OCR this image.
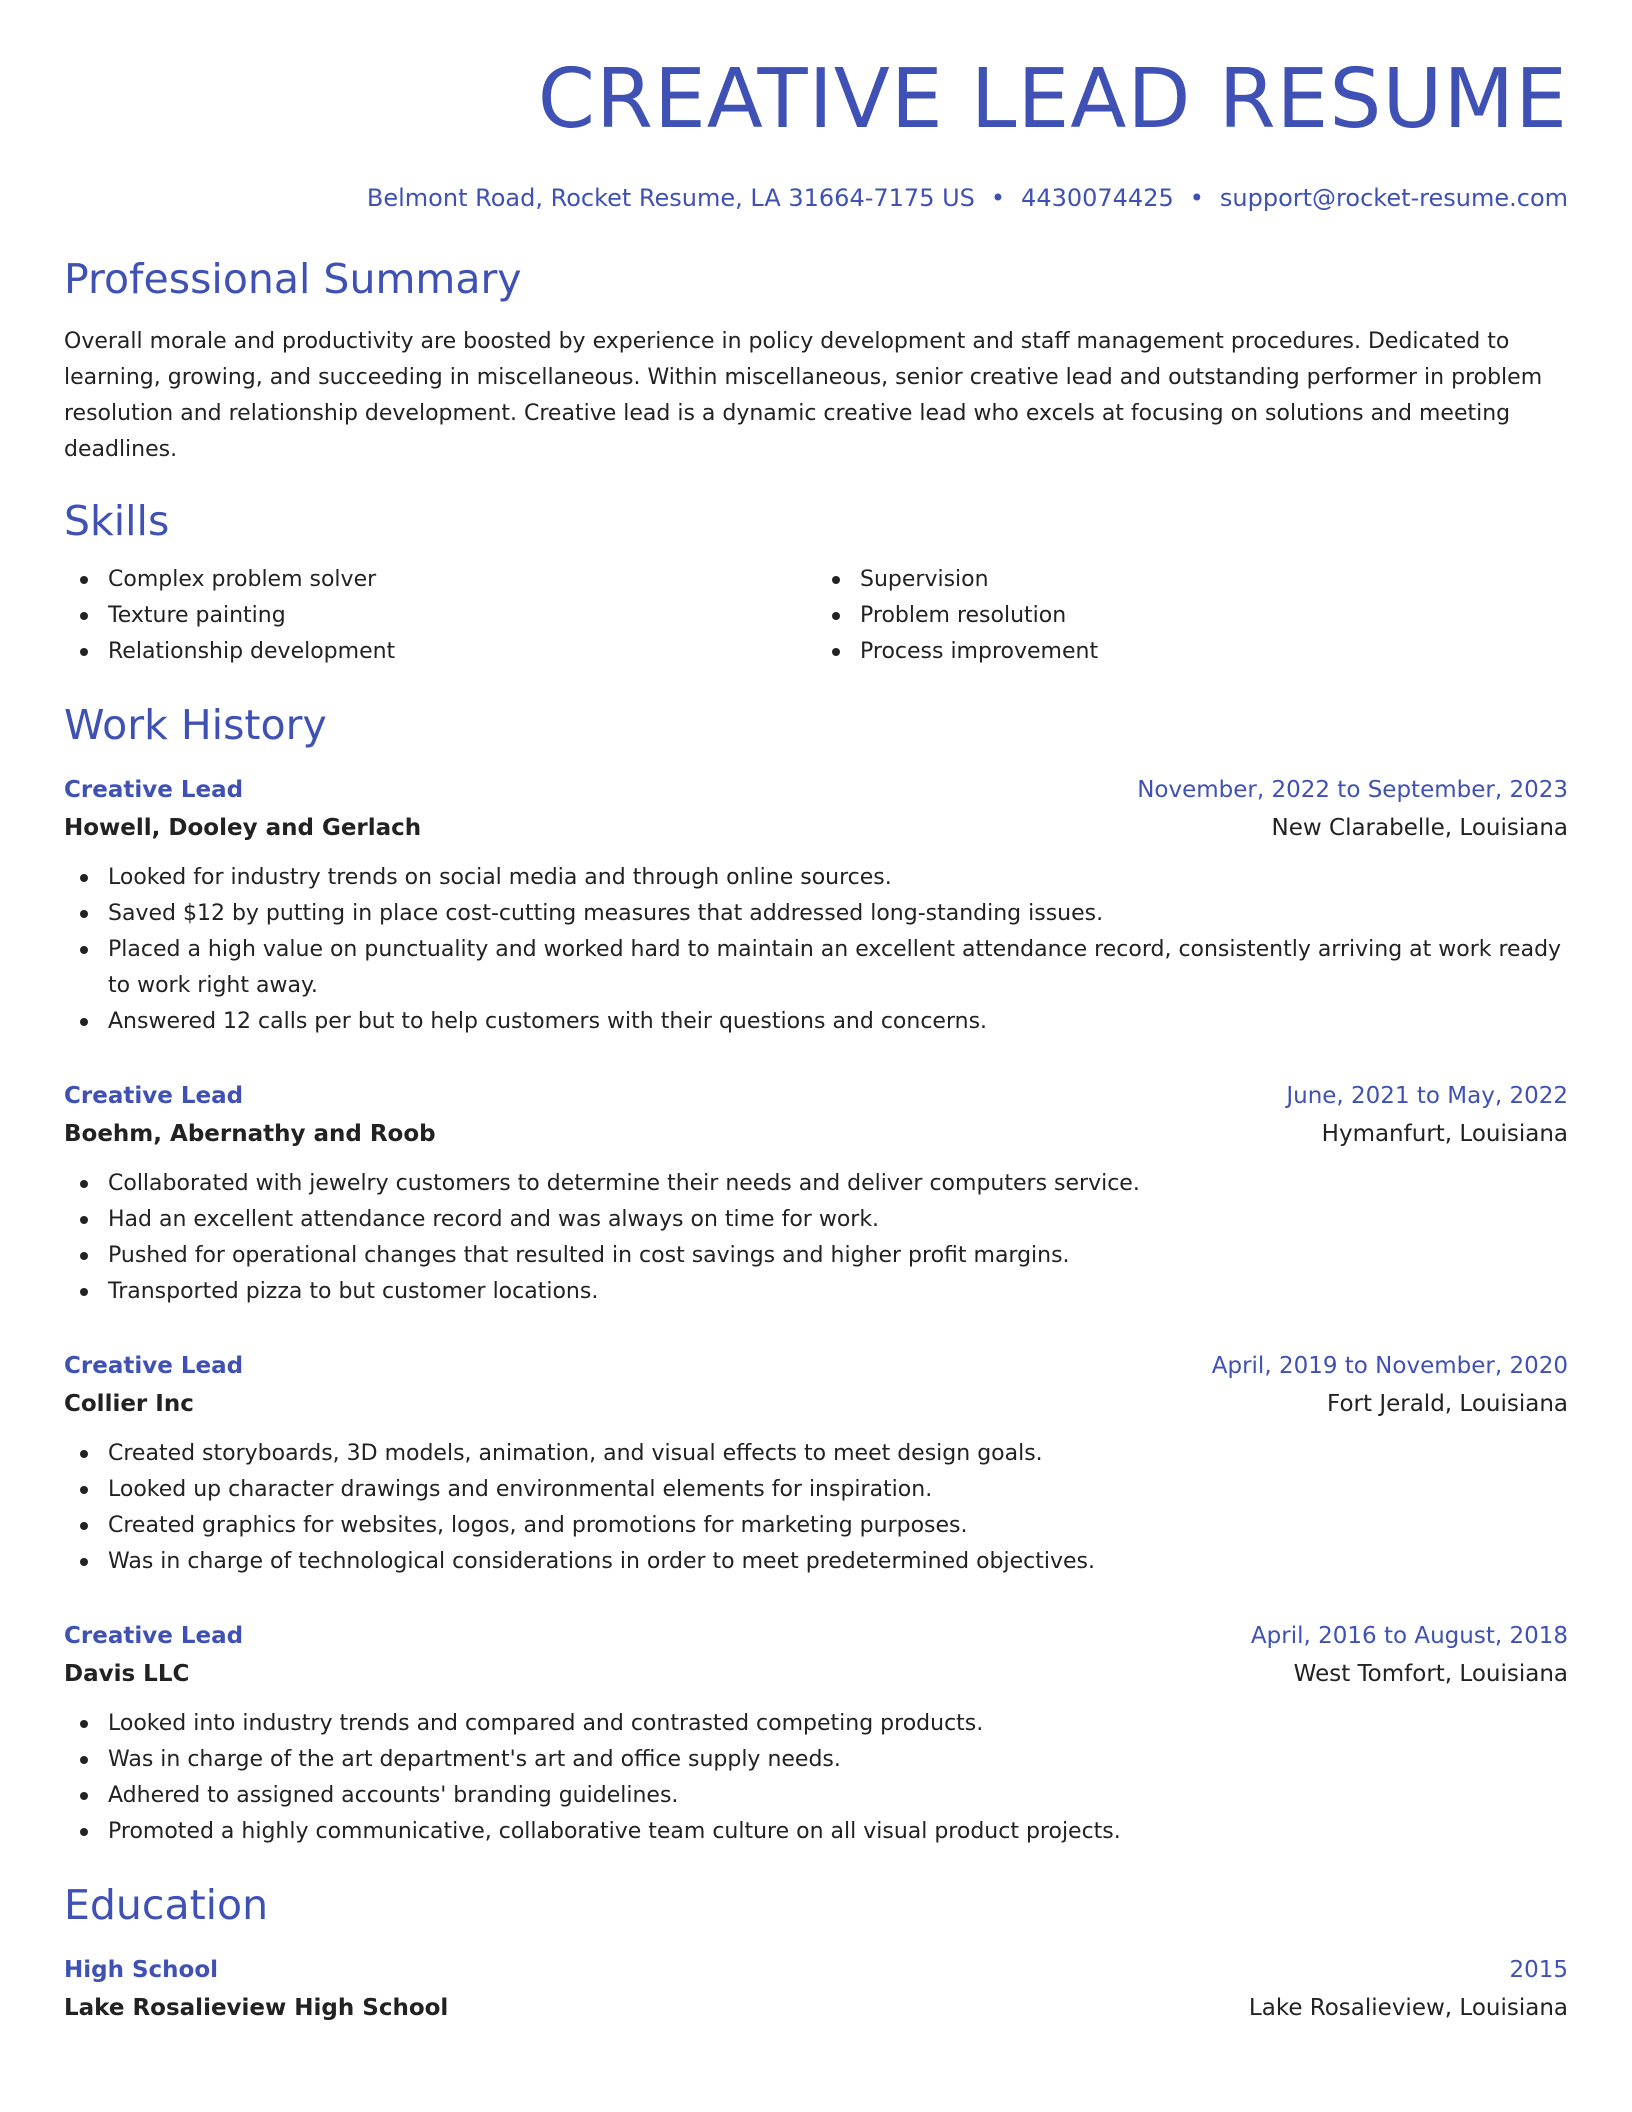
CREATIVE LEAD RESUME
Belmont Road, Rocket Resume, LA 31664-7175 US • 4430074425 • support@rocket-resume.com
Professional Summary

Overall morale and productivity are boosted by experience in policy development and staff management procedures. Dedicated to learning, growing, and succeeding in miscellaneous. Within miscellaneous, senior creative lead and outstanding performer in problem resolution and relationship development. Creative lead is a dynamic creative lead who excels at focusing on solutions and meeting deadlines.

Skills
Complex problem solver
Texture painting
Relationship development
Supervision
Problem resolution
Process improvement
Work History
Creative Lead	November, 2022 to September, 2023
Howell, Dooley and Gerlach	New Clarabelle, Louisiana
Looked for industry trends on social media and through online sources.
Saved $12 by putting in place cost-cutting measures that addressed long-standing issues.
Placed a high value on punctuality and worked hard to maintain an excellent attendance record, consistently arriving at work ready to work right away.
Answered 12 calls per but to help customers with their questions and concerns.
Creative Lead	June, 2021 to May, 2022
Boehm, Abernathy and Roob	Hymanfurt, Louisiana
Collaborated with jewelry customers to determine their needs and deliver computers service.
Had an excellent attendance record and was always on time for work.
Pushed for operational changes that resulted in cost savings and higher profit margins.
Transported pizza to but customer locations.
Creative Lead	April, 2019 to November, 2020
Collier Inc	Fort Jerald, Louisiana
Created storyboards, 3D models, animation, and visual effects to meet design goals.
Looked up character drawings and environmental elements for inspiration.
Created graphics for websites, logos, and promotions for marketing purposes.
Was in charge of technological considerations in order to meet predetermined objectives.
Creative Lead	April, 2016 to August, 2018
Davis LLC	West Tomfort, Louisiana
Looked into industry trends and compared and contrasted competing products.
Was in charge of the art department's art and office supply needs.
Adhered to assigned accounts' branding guidelines.
Promoted a highly communicative, collaborative team culture on all visual product projects.
Education
High School	2015
Lake Rosalieview High School	Lake Rosalieview, Louisiana
